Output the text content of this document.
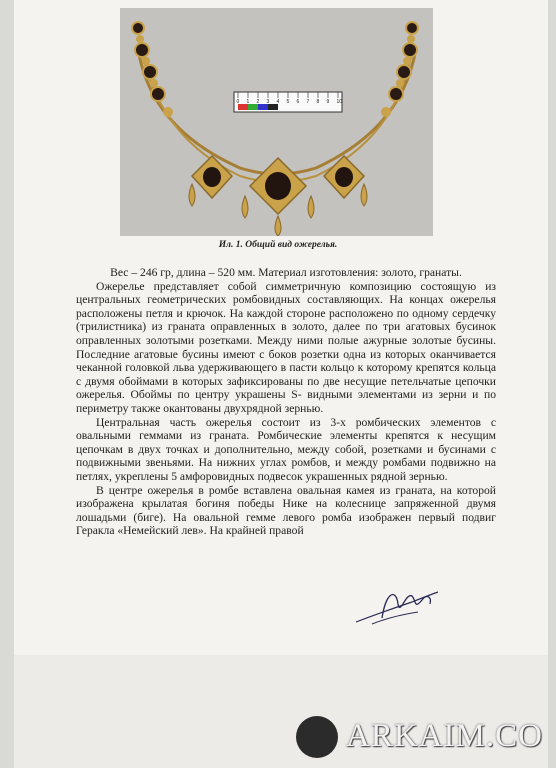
0 1 2 3 4 5 6 7 8 9 10
Ил. 1. Общий вид ожерелья.

Вес – 246 гр, длина – 520 мм. Материал изготовления: золото, гранаты.

Ожерелье представляет собой симметричную композицию состоящую из центральных геометрических ромбовидных составляющих. На концах ожерелья расположены петля и крючок. На каждой стороне расположено по одному сердечку (трилистника) из граната оправленных в золото, далее по три агатовых бусинок оправленных золотыми розетками. Между ними полые ажурные золотые бусины. Последние агатовые бусины имеют с боков розетки одна из которых оканчивается чеканной головкой льва удерживающего в пасти кольцо к которому крепятся кольца с двумя обоймами в которых зафиксированы по две несущие петельчатые цепочки ожерелья. Обоймы по центру украшены S- видными элементами из зерни и по периметру также окантованы двухрядной зернью.

Центральная часть ожерелья состоит из 3-х ромбических элементов с овальными геммами из граната. Ромбические элементы крепятся к несущим цепочкам в двух точках и дополнительно, между собой, розетками и бусинами с подвижными звеньями. На нижних углах ромбов, и между ромбами подвижно на петлях, укреплены 5 амфоровидных подвесок украшенных рядной зернью.

В центре ожерелья в ромбе вставлена овальная камея из граната, на которой изображена крылатая богиня победы Нике на колеснице запряженной двумя лошадьми (биге). На овальной гемме левого ромба изображен первый подвиг Геракла «Немейский лев». На крайней правой

ARKAIM.CO
